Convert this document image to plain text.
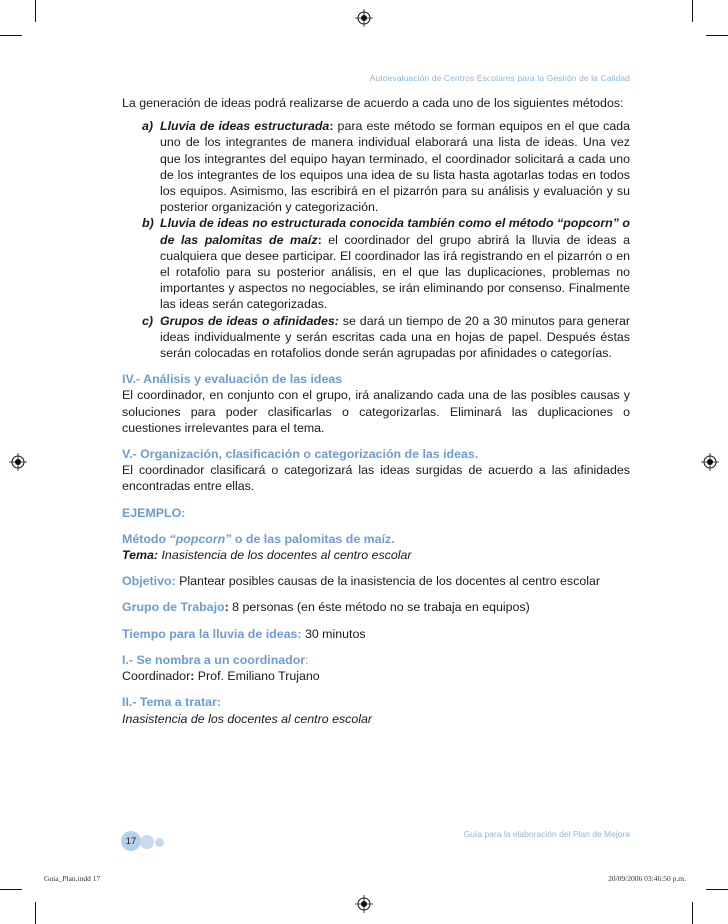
Autoevaluación de Centros Escolares para la Gestión de la Calidad

La generación de ideas podrá realizarse de acuerdo a cada uno de los siguientes métodos:

a) Lluvia de ideas estructurada: para este método se forman equipos en el que cada uno de los integrantes de manera individual elaborará una lista de ideas. Una vez que los integrantes del equipo hayan terminado, el coordinador solicitará a cada uno de los integrantes de los equipos una idea de su lista hasta agotarlas todas en todos los equipos. Asimismo, las escribirá en el pizarrón para su análisis y evaluación y su posterior organización y categorización.
b) Lluvia de ideas no estructurada conocida también como el método “popcorn” o de las palomitas de maíz: el coordinador del grupo abrirá la lluvia de ideas a cualquiera que desee participar. El coordinador las irá registrando en el pizarrón o en el rotafolio para su posterior análisis, en el que las duplicaciones, problemas no importantes y aspectos no negociables, se irán eliminando por consenso. Finalmente las ideas serán categorizadas.
c) Grupos de ideas o afinidades: se dará un tiempo de 20 a 30 minutos para generar ideas individualmente y serán escritas cada una en hojas de papel. Después éstas serán colocadas en rotafolios donde serán agrupadas por afinidades o categorías.

IV.- Análisis y evaluación de las ideas

El coordinador, en conjunto con el grupo, irá analizando cada una de las posibles causas y soluciones para poder clasificarlas o categorizarlas. Eliminará las duplicaciones o cuestiones irrelevantes para el tema.

V.- Organización, clasificación o categorización de las ideas.

El coordinador clasificará o categorizará las ideas surgidas de acuerdo a las afinidades encontradas entre ellas.

EJEMPLO:

Método “popcorn” o de las palomitas de maíz.

Tema: Inasistencia de los docentes al centro escolar

Objetivo: Plantear posibles causas de la inasistencia de los docentes al centro escolar

Grupo de Trabajo: 8 personas (en éste método no se trabaja en equipos)

Tiempo para la lluvia de ideas: 30 minutos

I.- Se nombra a un coordinador:

Coordinador: Prof. Emiliano Trujano

II.- Tema a tratar:

Inasistencia de los docentes al centro escolar

17
Guía para la elaboración del Plan de Mejora
Guia_Plan.indd 17	20/09/2006 03:46:50 p.m.
